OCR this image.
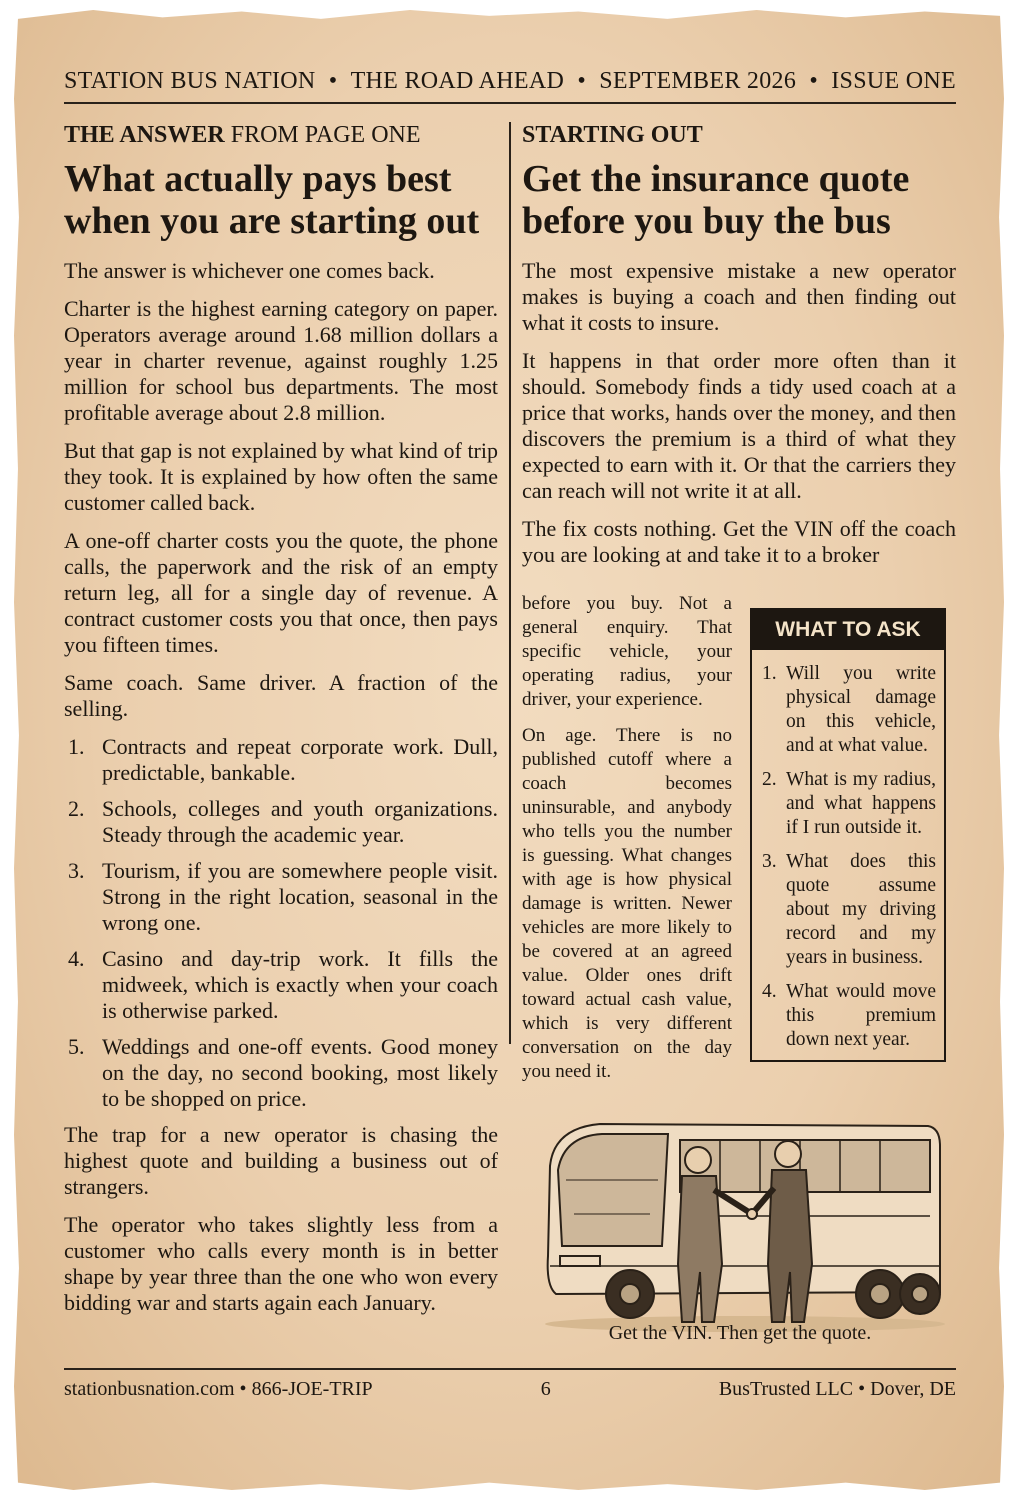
STATION BUS NATION • THE ROAD AHEAD • SEPTEMBER 2026 • ISSUE ONE
THE ANSWER FROM PAGE ONE
What actually pays best when you are starting out

The answer is whichever one comes back.

Charter is the highest earning category on paper. Operators average around 1.68 million dollars a year in charter revenue, against roughly 1.25 million for school bus departments. The most profitable average about 2.8 million.

But that gap is not explained by what kind of trip they took. It is explained by how often the same customer called back.

A one-off charter costs you the quote, the phone calls, the paperwork and the risk of an empty return leg, all for a single day of revenue. A contract customer costs you that once, then pays you fifteen times.

Same coach. Same driver. A fraction of the selling.

1. Contracts and repeat corporate work. Dull, predictable, bankable.
2. Schools, colleges and youth organizations. Steady through the academic year.
3. Tourism, if you are somewhere people visit. Strong in the right location, seasonal in the wrong one.
4. Casino and day-trip work. It fills the midweek, which is exactly when your coach is otherwise parked.
5. Weddings and one-off events. Good money on the day, no second booking, most likely to be shopped on price.

The trap for a new operator is chasing the highest quote and building a business out of strangers.

The operator who takes slightly less from a customer who calls every month is in better shape by year three than the one who won every bidding war and starts again each January.

STARTING OUT
Get the insurance quote before you buy the bus

The most expensive mistake a new operator makes is buying a coach and then finding out what it costs to insure.

It happens in that order more often than it should. Somebody finds a tidy used coach at a price that works, hands over the money, and then discovers the premium is a third of what they expected to earn with it. Or that the carriers they can reach will not write it at all.

The fix costs nothing. Get the VIN off the coach you are looking at and take it to a broker

before you buy. Not a general enquiry. That specific vehicle, your operating radius, your driver, your experience.

On age. There is no published cutoff where a coach becomes uninsurable, and anybody who tells you the number is guessing. What changes with age is how physical damage is written. Newer vehicles are more likely to be covered at an agreed value. Older ones drift toward actual cash value, which is very different conversation on the day you need it.

WHAT TO ASK
1. Will you write physical damage on this vehicle, and at what value.
2. What is my radius, and what happens if I run outside it.
3. What does this quote assume about my driving record and my years in business.
4. What would move this premium down next year.
Get the VIN. Then get the quote.
stationbusnation.com • 866-JOE-TRIP	6	BusTrusted LLC • Dover, DE
